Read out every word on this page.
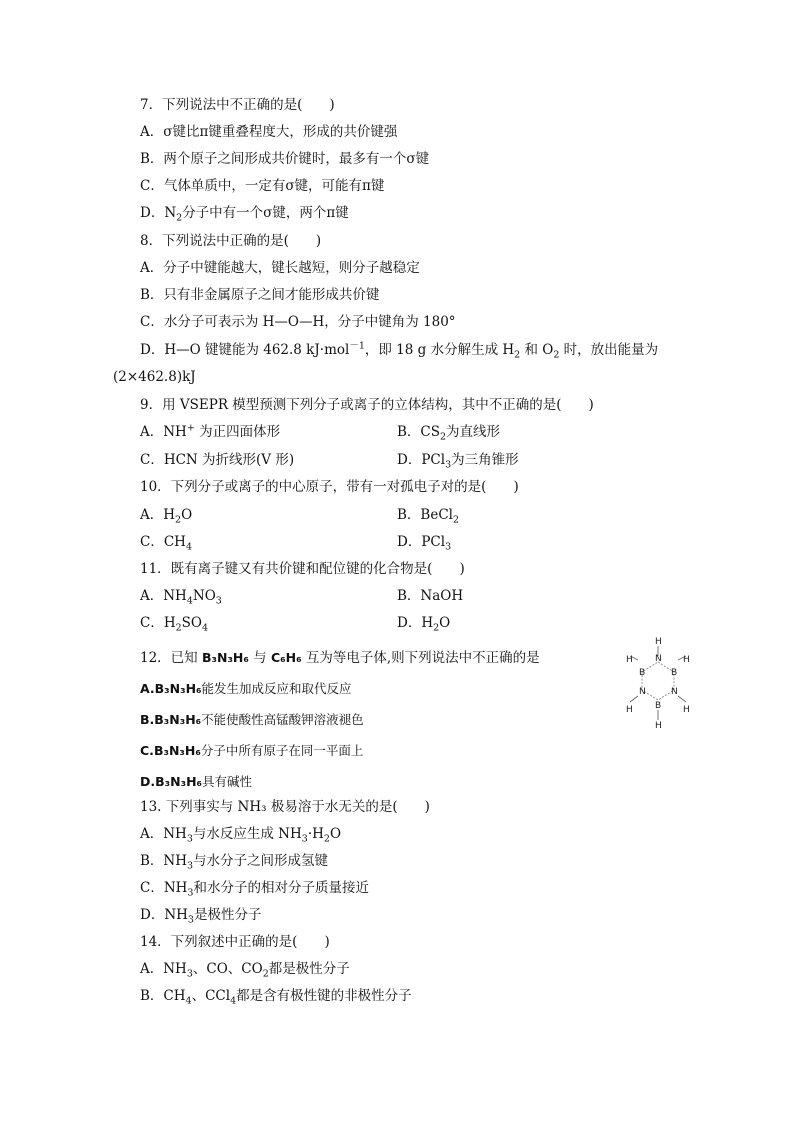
7．下列说法中不正确的是(　　)
A．σ键比π键重叠程度大，形成的共价键强
B．两个原子之间形成共价键时，最多有一个σ键
C．气体单质中，一定有σ键，可能有π键
D．$N_2$分子中有一个σ键，两个π键
8．下列说法中正确的是(　　)
A．分子中键能越大，键长越短，则分子越稳定
B．只有非金属原子之间才能形成共价键
C．水分子可表示为 H—O—H，分子中键角为 180°
D．H—O 键键能为 462.8 kJ·mol$^{-1}$，即 18 g 水分解生成 $H_2$ 和 $O_2$ 时，放出能量为
(2×462.8)kJ
9．用 VSEPR 模型预测下列分子或离子的立体结构，其中不正确的是(　　)
A．NH+ 为正四面体形	B．$CS_2$为直线形
C．HCN 为折线形(V 形)	D．PCl$_3$为三角锥形
10．下列分子或离子的中心原子，带有一对孤电子对的是(　　)
A．$H_2O$	B．BeCl$_2$
C．$CH_4$	D．PCl$_3$
11．既有离子键又有共价键和配位键的化合物是(　　)
A．$NH_4NO_3$	B．NaOH
C．$H_2SO_4$	D．$H_2O$
12．已知 B₃N₃H₆ 与 C₆H₆ 互为等电子体,则下列说法中不正确的是
A.B₃N₃H₆能发生加成反应和取代反应
B.B₃N₃H₆不能使酸性高锰酸钾溶液褪色
C.B₃N₃H₆分子中所有原子在同一平面上
D.B₃N₃H₆具有碱性
H
N
H
B	B
H
N	N
H	H
B
H
13. 下列事实与 NH₃ 极易溶于水无关的是(　　)
A．$NH_3$与水反应生成 $NH_3\cdot H_2O$
B．$NH_3$与水分子之间形成氢键
C．$NH_3$和水分子的相对分子质量接近
D．$NH_3$是极性分子
14．下列叙述中正确的是(　　)
A．$NH_3$、CO、$CO_2$都是极性分子
B．$CH_4$、CCl$_4$都是含有极性键的非极性分子
